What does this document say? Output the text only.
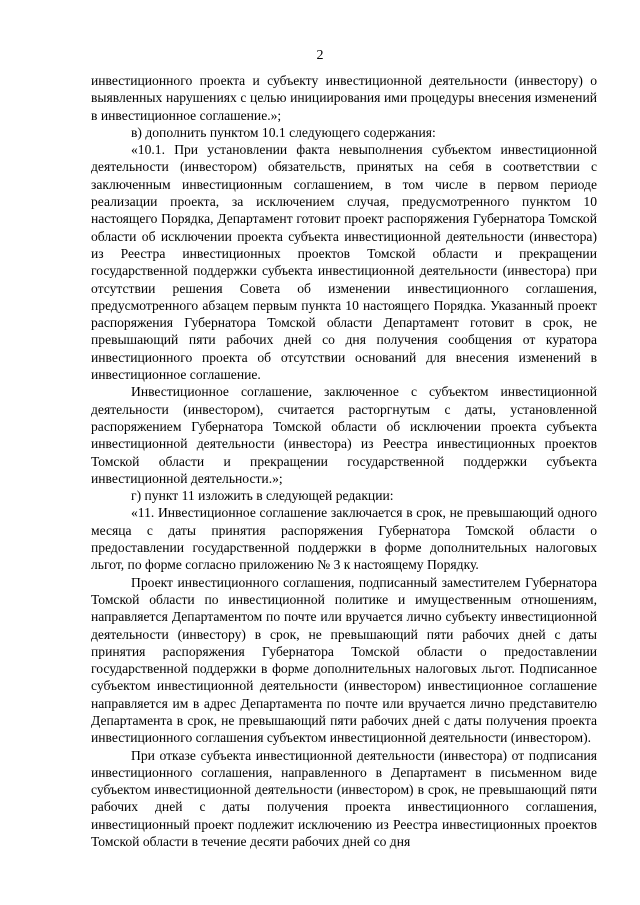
2

инвестиционного проекта и субъекту инвестиционной деятельности (инвестору) о выявленных нарушениях с целью инициирования ими процедуры внесения изменений в инвестиционное соглашение.»;

в) дополнить пунктом 10.1 следующего содержания:

«10.1. При установлении факта невыполнения субъектом инвестиционной деятельности (инвестором) обязательств, принятых на себя в соответствии с заключенным инвестиционным соглашением, в том числе в первом периоде реализации проекта, за исключением случая, предусмотренного пунктом 10 настоящего Порядка, Департамент готовит проект распоряжения Губернатора Томской области об исключении проекта субъекта инвестиционной деятельности (инвестора) из Реестра инвестиционных проектов Томской области и прекращении государственной поддержки субъекта инвестиционной деятельности (инвестора) при отсутствии решения Совета об изменении инвестиционного соглашения, предусмотренного абзацем первым пункта 10 настоящего Порядка. Указанный проект распоряжения Губернатора Томской области Департамент готовит в срок, не превышающий пяти рабочих дней со дня получения сообщения от куратора инвестиционного проекта об отсутствии оснований для внесения изменений в инвестиционное соглашение.

Инвестиционное соглашение, заключенное с субъектом инвестиционной деятельности (инвестором), считается расторгнутым с даты, установленной распоряжением Губернатора Томской области об исключении проекта субъекта инвестиционной деятельности (инвестора) из Реестра инвестиционных проектов Томской области и прекращении государственной поддержки субъекта инвестиционной деятельности.»;

г) пункт 11 изложить в следующей редакции:

«11. Инвестиционное соглашение заключается в срок, не превышающий одного месяца с даты принятия распоряжения Губернатора Томской области о предоставлении государственной поддержки в форме дополнительных налоговых льгот, по форме согласно приложению № 3 к настоящему Порядку.

Проект инвестиционного соглашения, подписанный заместителем Губернатора Томской области по инвестиционной политике и имущественным отношениям, направляется Департаментом по почте или вручается лично субъекту инвестиционной деятельности (инвестору) в срок, не превышающий пяти рабочих дней с даты принятия распоряжения Губернатора Томской области о предоставлении государственной поддержки в форме дополнительных налоговых льгот. Подписанное субъектом инвестиционной деятельности (инвестором) инвестиционное соглашение направляется им в адрес Департамента по почте или вручается лично представителю Департамента в срок, не превышающий пяти рабочих дней с даты получения проекта инвестиционного соглашения субъектом инвестиционной деятельности (инвестором).

При отказе субъекта инвестиционной деятельности (инвестора) от подписания инвестиционного соглашения, направленного в Департамент в письменном виде субъектом инвестиционной деятельности (инвестором) в срок, не превышающий пяти рабочих дней с даты получения проекта инвестиционного соглашения, инвестиционный проект подлежит исключению из Реестра инвестиционных проектов Томской области в течение десяти рабочих дней со дня
